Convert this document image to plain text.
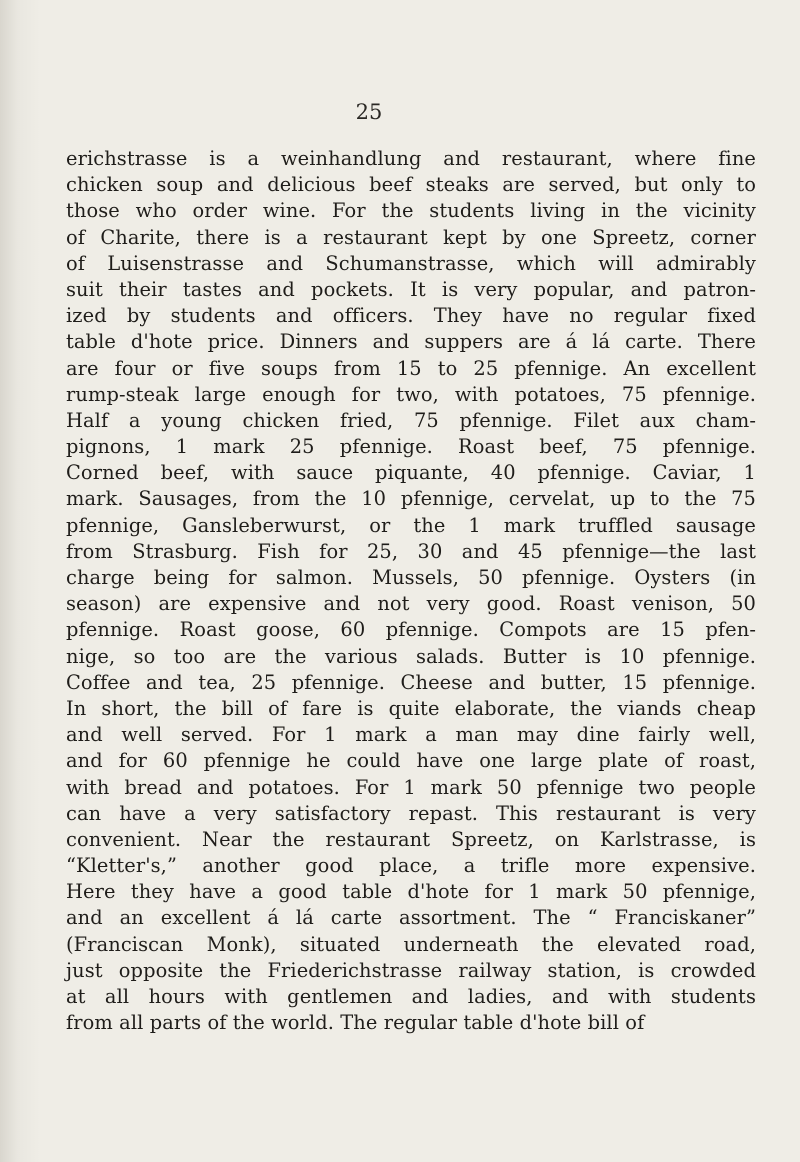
25
erichstrasse is a weinhandlung and restaurant, where fine
chicken soup and delicious beef steaks are served, but only to
those who order wine. For the students living in the vicinity
of Charite, there is a restaurant kept by one Spreetz, corner
of Luisenstrasse and Schumanstrasse, which will admirably
suit their tastes and pockets. It is very popular, and patron-
ized by students and officers. They have no regular fixed
table d'hote price. Dinners and suppers are á lá carte. There
are four or five soups from 15 to 25 pfennige. An excellent
rump-steak large enough for two, with potatoes, 75 pfennige.
Half a young chicken fried, 75 pfennige. Filet aux cham-
pignons, 1 mark 25 pfennige. Roast beef, 75 pfennige.
Corned beef, with sauce piquante, 40 pfennige. Caviar, 1
mark. Sausages, from the 10 pfennige, cervelat, up to the 75
pfennige, Gansleberwurst, or the 1 mark truffled sausage
from Strasburg. Fish for 25, 30 and 45 pfennige—the last
charge being for salmon. Mussels, 50 pfennige. Oysters (in
season) are expensive and not very good. Roast venison, 50
pfennige. Roast goose, 60 pfennige. Compots are 15 pfen-
nige, so too are the various salads. Butter is 10 pfennige.
Coffee and tea, 25 pfennige. Cheese and butter, 15 pfennige.
In short, the bill of fare is quite elaborate, the viands cheap
and well served. For 1 mark a man may dine fairly well,
and for 60 pfennige he could have one large plate of roast,
with bread and potatoes. For 1 mark 50 pfennige two people
can have a very satisfactory repast. This restaurant is very
convenient. Near the restaurant Spreetz, on Karlstrasse, is
“Kletter's,” another good place, a trifle more expensive.
Here they have a good table d'hote for 1 mark 50 pfennige,
and an excellent á lá carte assortment. The “ Franciskaner”
(Franciscan Monk), situated underneath the elevated road,
just opposite the Friederichstrasse railway station, is crowded
at all hours with gentlemen and ladies, and with students
from all parts of the world. The regular table d'hote bill of
